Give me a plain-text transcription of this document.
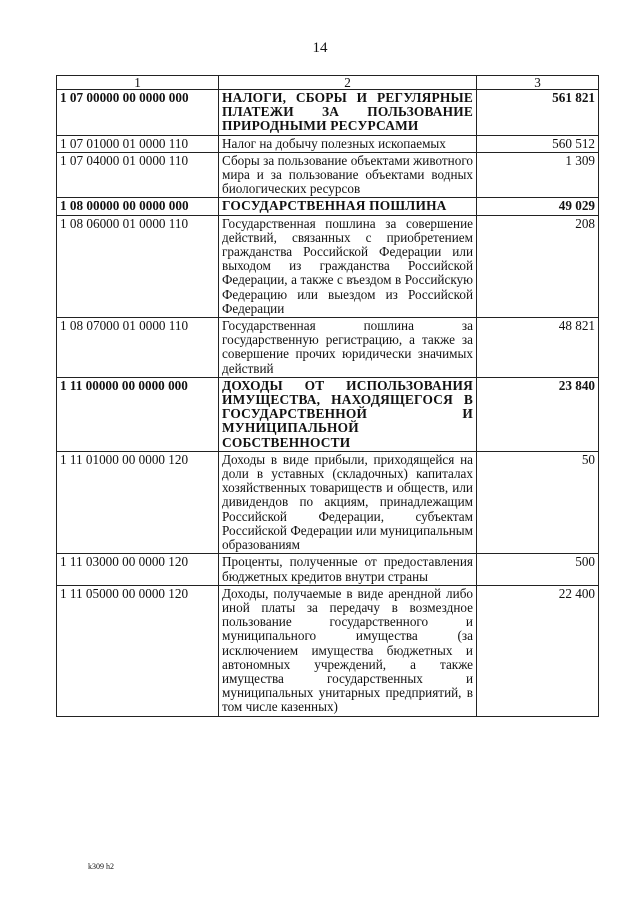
14
1	2	3
1 07 00000 00 0000 000	НАЛОГИ, СБОРЫ И РЕГУЛЯРНЫЕ ПЛАТЕЖИ ЗА ПОЛЬЗОВАНИЕ ПРИРОДНЫМИ РЕСУРСАМИ	561 821
1 07 01000 01 0000 110	Налог на добычу полезных ископаемых	560 512
1 07 04000 01 0000 110	Сборы за пользование объектами животного мира и за пользование объектами водных биологических ресурсов	1 309
1 08 00000 00 0000 000	ГОСУДАРСТВЕННАЯ ПОШЛИНА	49 029
1 08 06000 01 0000 110	Государственная пошлина за совершение действий, связанных с приобретением гражданства Российской Федерации или выходом из гражданства Российской Федерации, а также с въездом в Российскую Федерацию или выездом из Российской Федерации	208
1 08 07000 01 0000 110	Государственная пошлина за государственную регистрацию, а также за совершение прочих юридически значимых действий	48 821
1 11 00000 00 0000 000	ДОХОДЫ ОТ ИСПОЛЬЗОВАНИЯ ИМУЩЕСТВА, НАХОДЯЩЕГОСЯ В ГОСУДАРСТВЕННОЙ И МУНИЦИПАЛЬНОЙ СОБСТВЕННОСТИ	23 840
1 11 01000 00 0000 120	Доходы в виде прибыли, приходящейся на доли в уставных (складочных) капиталах хозяйственных товариществ и обществ, или дивидендов по акциям, принадлежащим Российской Федерации, субъектам Российской Федерации или муниципальным образованиям	50
1 11 03000 00 0000 120	Проценты, полученные от предоставления бюджетных кредитов внутри страны	500
1 11 05000 00 0000 120	Доходы, получаемые в виде арендной либо иной платы за передачу в возмездное пользование государственного и муниципального имущества (за исключением имущества бюджетных и автономных учреждений, а также имущества государственных и муниципальных унитарных предприятий, в том числе казенных)	22 400
k309 h2
